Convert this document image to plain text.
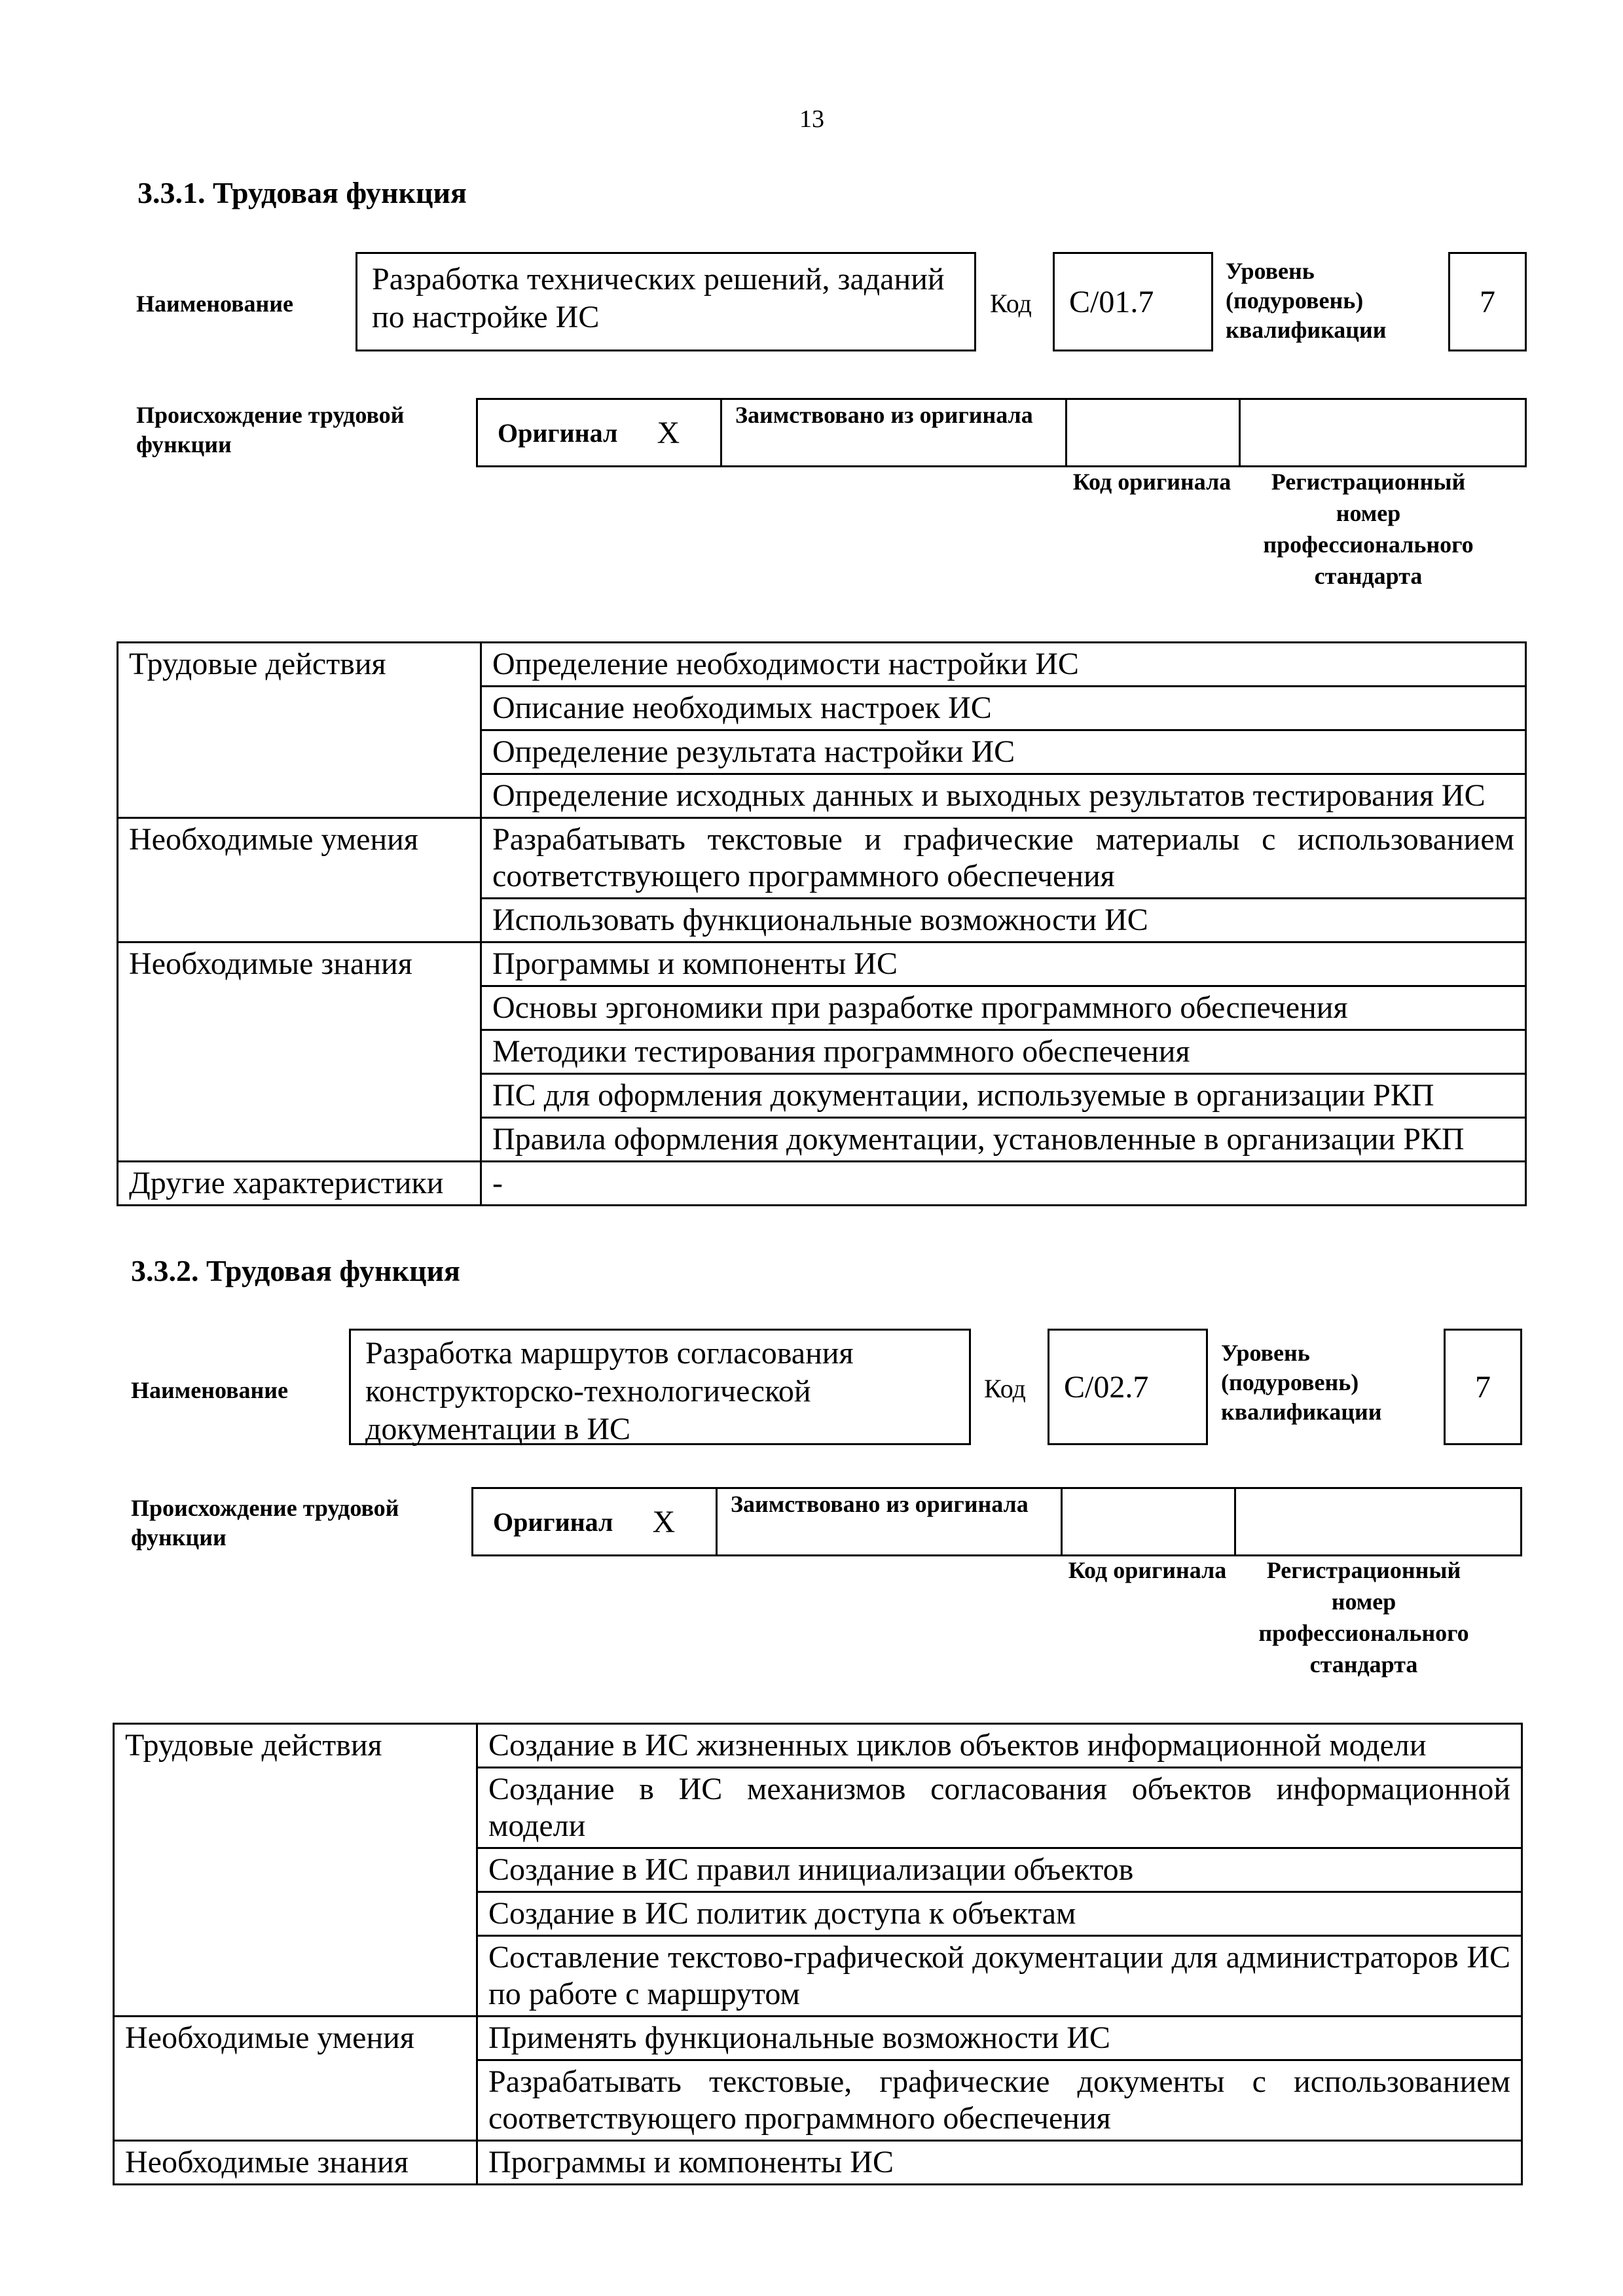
13
3.3.1. Трудовая функция
Наименование
Разработка технических решений, заданий по настройке ИС	Код	С/01.7
Уровень (подуровень) квалификации
7
Происхождение трудовой функции	Оригинал X
Заимствовано из оригинала
Код оригинала	Регистрационный номер профессионального стандарта
Трудовые действия	Определение необходимости настройки ИС
	Описание необходимых настроек ИС
	Определение результата настройки ИС
	Определение исходных данных и выходных результатов тестирования ИС
Необходимые умения	Разрабатывать текстовые и графические материалы с использованием соответствующего программного обеспечения
	Использовать функциональные возможности ИС
Необходимые знания	Программы и компоненты ИС
	Основы эргономики при разработке программного обеспечения
	Методики тестирования программного обеспечения
	ПС для оформления документации, используемые в организации РКП
	Правила оформления документации, установленные в организации РКП
Другие характеристики	-
3.3.2. Трудовая функция
Наименование
Разработка маршрутов согласования конструкторско-технологической документации в ИС
Код	С/02.7
Уровень (подуровень) квалификации
7
Происхождение трудовой функции
Оригинал X
Заимствовано из оригинала
Код оригинала	Регистрационный номер профессионального стандарта
Трудовые действия	Создание в ИС жизненных циклов объектов информационной модели
	Создание в ИС механизмов согласования объектов информационной модели
	Создание в ИС правил инициализации объектов
	Создание в ИС политик доступа к объектам
	Составление текстово-графической документации для администраторов ИС по работе с маршрутом
Необходимые умения	Применять функциональные возможности ИС
	Разрабатывать текстовые, графические документы с использованием соответствующего программного обеспечения
Необходимые знания	Программы и компоненты ИС
